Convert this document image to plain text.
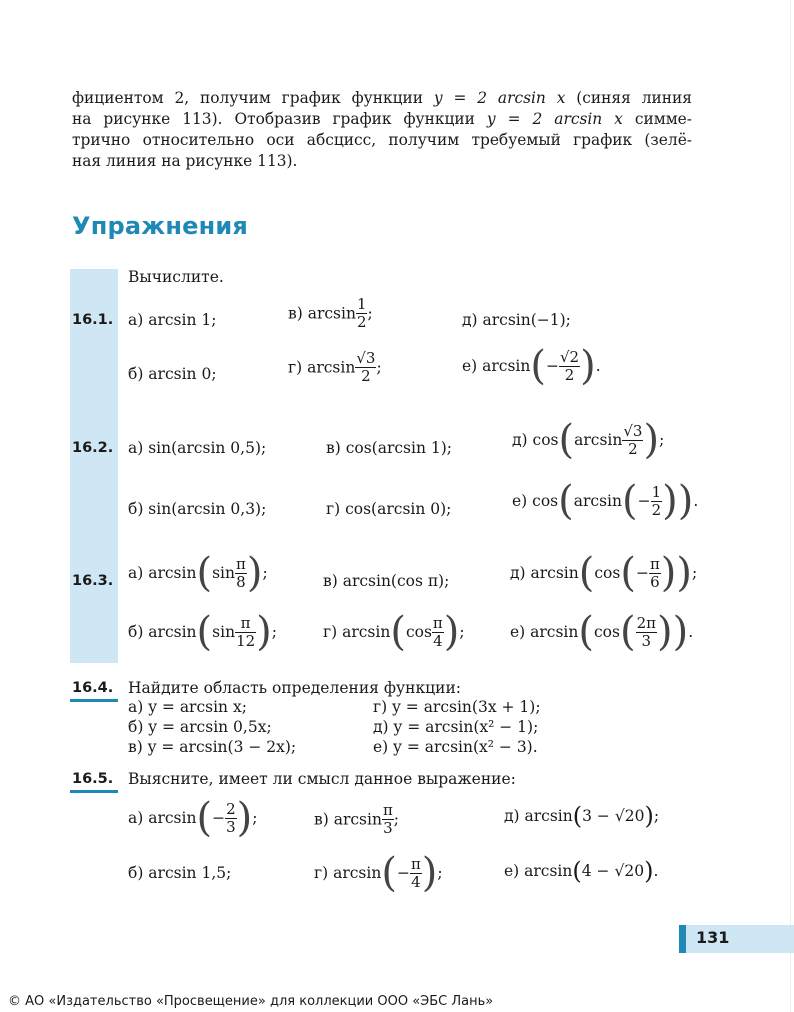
фициентом 2, получим график функции y = 2 arcsin x (синяя линия
на рисунке 113). Отобразив график функции y = 2 arcsin x симме-
трично относительно оси абсцисс, получим требуемый график (зелё-
ная линия на рисунке 113).
Упражнения
Вычислите.
16.1. а) arcsin 1;	в) $\arcsin \frac{1}{2}$ ;	д) arcsin(−1);
б) arcsin 0;	г) $\arcsin \frac{√3}{2}$ ;	е) $\arcsin(- \frac{√2}{2}$ ).
16.2. а) sin(arcsin 0,5);	в) cos(arcsin 1);	д) $\cos(\arcsin \frac{√3}{2}$ );
б) sin(arcsin 0,3);	г) cos(arcsin 0);	е) $\cos(\arcsin(- \frac{1}{2}$ )).
16.3. а) $\arcsin(\sin \frac{\pi}{8}$ );	в) arcsin(cos π);	д) $\arcsin(\cos(- \frac{\pi}{6}$ ));
б) $\arcsin(\sin \frac{\pi}{12}$ );	г) $\arcsin(\cos \frac{\pi}{4}$ );	е) $\arcsin(\cos( \frac{2\pi}{3}$ )).
16.4. Найдите область определения функции:
а) y = arcsin x;	г) y = arcsin(3x + 1);
б) y = arcsin 0,5x;	д) y = arcsin(x² − 1);
в) y = arcsin(3 − 2x);	е) y = arcsin(x² − 3).
16.5. Выясните, имеет ли смысл данное выражение:
а) $\arcsin(- \frac{2}{3}$ );	в) $\arcsin \frac{\pi}{3}$ ;	д) arcsin(3 − √20);
б) arcsin 1,5;	г) $\arcsin(- \frac{\pi}{4}$ );	е) arcsin(4 − √20).
131
© АО «Издательство «Просвещение» для коллекции ООО «ЭБС Лань»
